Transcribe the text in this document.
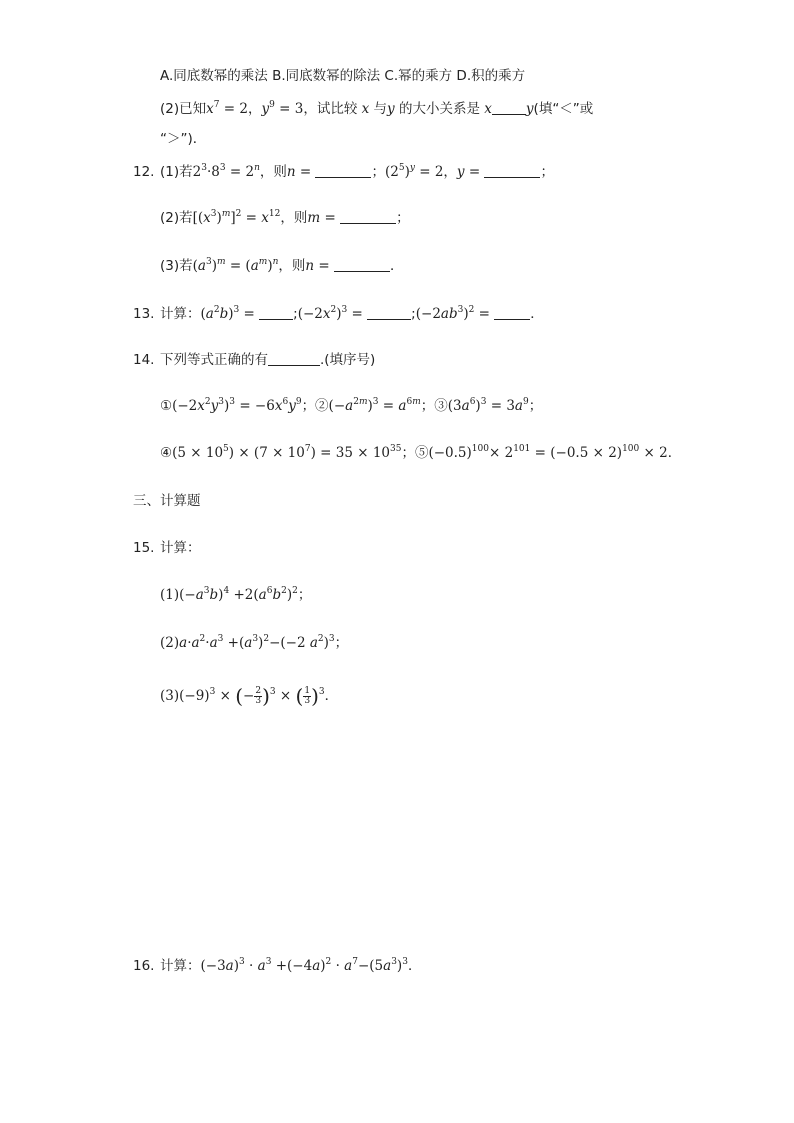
A.同底数幂的乘法 B.同底数幂的除法 C.幂的乘方 D.积的乘方
(2)已知$x^7 = 2$，$y^9 = 3$，试比较 x 与y 的大小关系是 x	y(填“＜”或
“＞”)．
12. (1)若$2^3\cdot 8^3 = 2^n$，则n =	；$(2^5)^y = 2$，y =	；
(2)若$[(x^3)^m]^2 = x^{12}$，则m =	；
(3)若$(a^3)^m = (a^m)^n$，则n =	．
13. 计算：$(a^2b)^3$ =	$;(-2x^2)^3$ =	$;(-2ab^3)^2$ =	．
14. 下列等式正确的有	.(填序号)
$①(-2x^2y^3)^3 = -6x^6y^9$；$②(-a^{2m})^3 = a^{6m}$；$③(3a^6)^3 = 3a^9$；
④(5 × $10^5) \times (7 \times 10^7) = 35 \times 10^{35}$；$⑤(-0.5)^{100}\times 2^{101} = (-0.5 \times 2)^{100} \times 2$．
三、计算题
15. 计算：
$(1)(-a^3b)^4 +2(a^6b^2)^2$；
$(2)a\cdot a^2\cdot a^3 +(a^3)^2-(-2$ $a^2)^3$；
$(3)(-9)^3$ × (− $\frac{2}{3} )^3$ × ( $\frac{1}{3} )^3$．
16. 计算：$(-3a)^3 \cdot a^3 +(-4a)^2 \cdot a^7-(5a^3)^3$．
